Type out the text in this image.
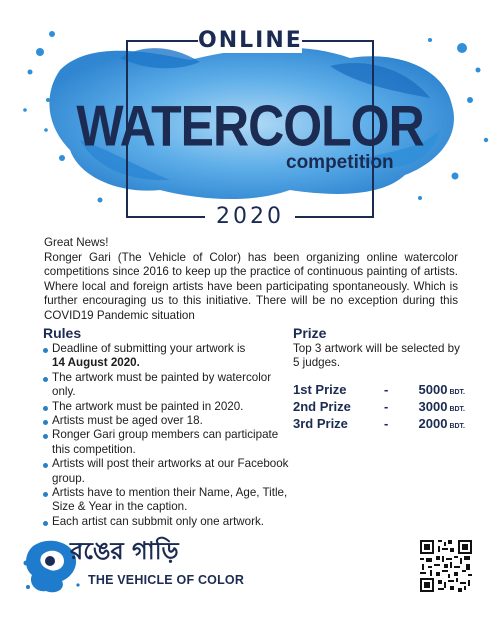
ONLINE
WATERCOLOR
competition
2020

Great News!

Ronger Gari (The Vehicle of Color) has been organizing online watercolor competitions since 2016 to keep up the practice of continuous painting of artists. Where local and foreign artists have been participating spontaneously. Which is further encouraging us to this initiative. There will be no exception during this COVID19 Pandemic situation

Rules
Deadline of submitting your artwork is
14 August 2020.
The artwork must be painted by watercolor only.
The artwork must be painted in 2020.
Artists must be aged over 18.
Ronger Gari group members can participate this competition.
Artists will post their artworks at our Facebook group.
Artists have to mention their Name, Age, Title, Size & Year in the caption.
Each artist can subbmit only one artwork.
Prize
Top 3 artwork will be selected by 5 judges.
1st Prize	-	5000 BDT.
2nd Prize	-	3000 BDT.
3rd Prize	-	2000 BDT.
রঙের গাড়ি
THE VEHICLE OF COLOR
